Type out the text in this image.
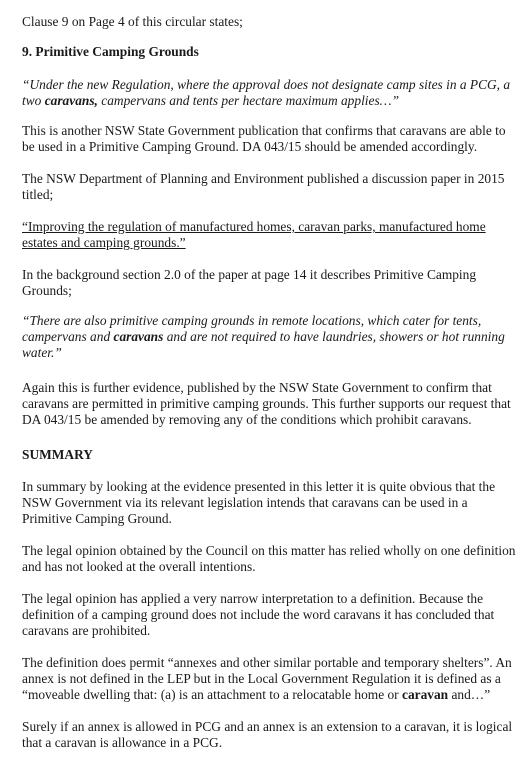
Clause 9 on Page 4 of this circular states;

9. Primitive Camping Grounds

“Under the new Regulation, where the approval does not designate camp sites in a PCG, a two caravans, campervans and tents per hectare maximum applies…”

This is another NSW State Government publication that confirms that caravans are able to be used in a Primitive Camping Ground. DA 043/15 should be amended accordingly.

The NSW Department of Planning and Environment published a discussion paper in 2015 titled;

“Improving the regulation of manufactured homes, caravan parks, manufactured home estates and camping grounds.”

In the background section 2.0 of the paper at page 14 it describes Primitive Camping Grounds;

“There are also primitive camping grounds in remote locations, which cater for tents, campervans and caravans and are not required to have laundries, showers or hot running water.”

Again this is further evidence, published by the NSW State Government to confirm that caravans are permitted in primitive camping grounds. This further supports our request that DA 043/15 be amended by removing any of the conditions which prohibit caravans.

SUMMARY

In summary by looking at the evidence presented in this letter it is quite obvious that the NSW Government via its relevant legislation intends that caravans can be used in a Primitive Camping Ground.

The legal opinion obtained by the Council on this matter has relied wholly on one definition and has not looked at the overall intentions.

The legal opinion has applied a very narrow interpretation to a definition. Because the definition of a camping ground does not include the word caravans it has concluded that caravans are prohibited.

The definition does permit “annexes and other similar portable and temporary shelters”. An annex is not defined in the LEP but in the Local Government Regulation it is defined as a “moveable dwelling that: (a) is an attachment to a relocatable home or caravan and…”

Surely if an annex is allowed in PCG and an annex is an extension to a caravan, it is logical that a caravan is allowance in a PCG.
